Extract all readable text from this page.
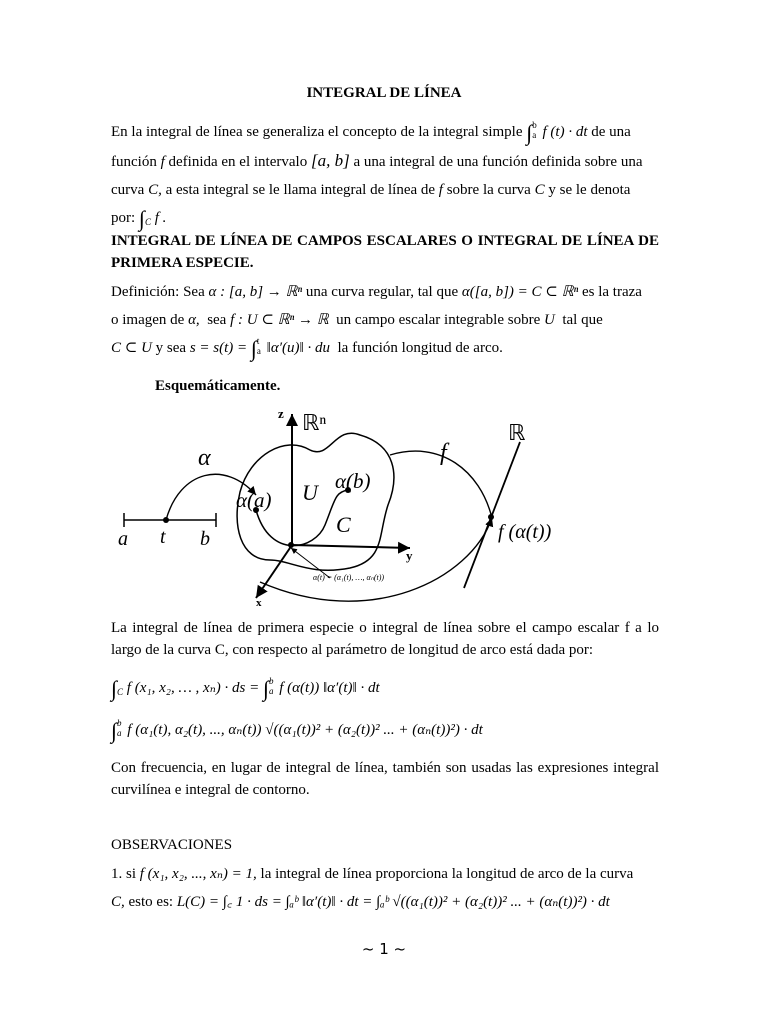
INTEGRAL DE LÍNEA
En la integral de línea se generaliza el concepto de la integral simple ∫b
a f (t) · dt de una
función f definida en el intervalo [a, b] a una integral de una función definida sobre una
curva C, a esta integral se le llama integral de línea de f sobre la curva C y se le denota
por: $\int_C$ f .
INTEGRAL DE LÍNEA DE CAMPOS ESCALARES O INTEGRAL DE LÍNEA DE PRIMERA ESPECIE.
Definición: Sea α : [a, b] → ℝⁿ una curva regular, tal que α([a, b]) = C ⊂ ℝⁿ es la traza
o imagen de α, sea f : U ⊂ ℝⁿ → ℝ un campo escalar integrable sobre U tal que
C ⊂ U y sea s = s(t) = ∫t
a ‖α′(u)‖ · du la función longitud de arco.
Esquemáticamente.
a t b
α
z ℝⁿ
y
x
U
α(a)
α(b)
C
α(t) = (α₁(t), …, αₙ(t))
f
ℝ
f (α(t))
La integral de línea de primera especie o integral de línea sobre el campo escalar f a lo largo de la curva C, con respecto al parámetro de longitud de arco está dada por:
$\int_C$ f (x₁, x₂, … , xₙ) · ds = ∫b
a f (α(t)) ‖α′(t)‖ · dt
∫b
a f (α₁(t), α₂(t), ..., αₙ(t)) √((α₁(t))² + (α₂(t))² ... + (αₙ(t))²) · dt
Con frecuencia, en lugar de integral de línea, también son usadas las expresiones integral curvilínea e integral de contorno.
OBSERVACIONES
1. si f (x₁, x₂, ..., xₙ) = 1, la integral de línea proporciona la longitud de arco de la curva
C, esto es: L(C) = ∫꜀ 1 · ds = ∫ₐᵇ ‖α′(t)‖ · dt = ∫ₐᵇ √((α₁(t))² + (α₂(t))² ... + (αₙ(t))²) · dt
~ 1 ~
